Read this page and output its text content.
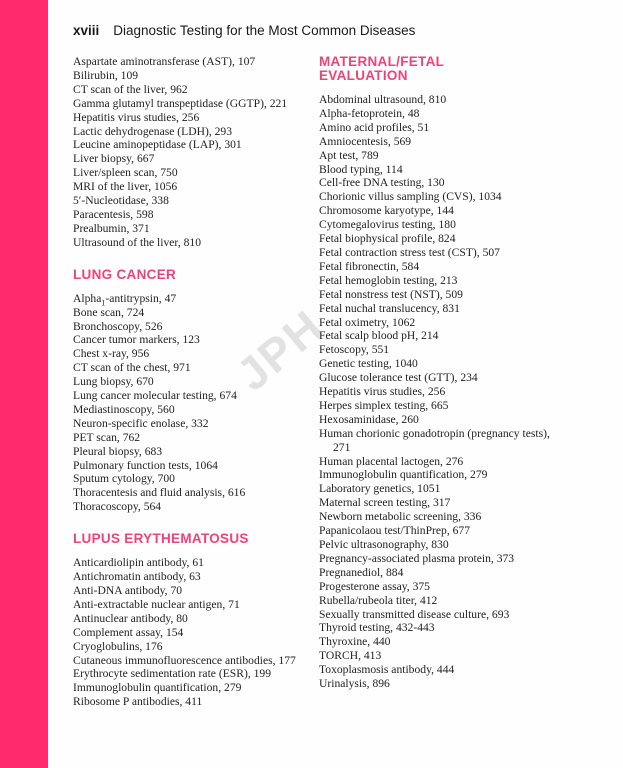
xviii Diagnostic Testing for the Most Common Diseases
JPH
Aspartate aminotransferase (AST), 107
Bilirubin, 109
CT scan of the liver, 962
Gamma glutamyl transpeptidase (GGTP), 221
Hepatitis virus studies, 256
Lactic dehydrogenase (LDH), 293
Leucine aminopeptidase (LAP), 301
Liver biopsy, 667
Liver/spleen scan, 750
MRI of the liver, 1056
5′-Nucleotidase, 338
Paracentesis, 598
Prealbumin, 371
Ultrasound of the liver, 810
LUNG CANCER
Alpha$_1$-antitrypsin, 47
Bone scan, 724
Bronchoscopy, 526
Cancer tumor markers, 123
Chest x-ray, 956
CT scan of the chest, 971
Lung biopsy, 670
Lung cancer molecular testing, 674
Mediastinoscopy, 560
Neuron-specific enolase, 332
PET scan, 762
Pleural biopsy, 683
Pulmonary function tests, 1064
Sputum cytology, 700
Thoracentesis and fluid analysis, 616
Thoracoscopy, 564
LUPUS ERYTHEMATOSUS
Anticardiolipin antibody, 61
Antichromatin antibody, 63
Anti-DNA antibody, 70
Anti-extractable nuclear antigen, 71
Antinuclear antibody, 80
Complement assay, 154
Cryoglobulins, 176
Cutaneous immunofluorescence antibodies, 177
Erythrocyte sedimentation rate (ESR), 199
Immunoglobulin quantification, 279
Ribosome P antibodies, 411
MATERNAL/FETAL
EVALUATION
Abdominal ultrasound, 810
Alpha-fetoprotein, 48
Amino acid profiles, 51
Amniocentesis, 569
Apt test, 789
Blood typing, 114
Cell-free DNA testing, 130
Chorionic villus sampling (CVS), 1034
Chromosome karyotype, 144
Cytomegalovirus testing, 180
Fetal biophysical profile, 824
Fetal contraction stress test (CST), 507
Fetal fibronectin, 584
Fetal hemoglobin testing, 213
Fetal nonstress test (NST), 509
Fetal nuchal translucency, 831
Fetal oximetry, 1062
Fetal scalp blood pH, 214
Fetoscopy, 551
Genetic testing, 1040
Glucose tolerance test (GTT), 234
Hepatitis virus studies, 256
Herpes simplex testing, 665
Hexosaminidase, 260
Human chorionic gonadotropin (pregnancy tests), 271
Human placental lactogen, 276
Immunoglobulin quantification, 279
Laboratory genetics, 1051
Maternal screen testing, 317
Newborn metabolic screening, 336
Papanicolaou test/ThinPrep, 677
Pelvic ultrasonography, 830
Pregnancy-associated plasma protein, 373
Pregnanediol, 884
Progesterone assay, 375
Rubella/rubeola titer, 412
Sexually transmitted disease culture, 693
Thyroid testing, 432-443
Thyroxine, 440
TORCH, 413
Toxoplasmosis antibody, 444
Urinalysis, 896
